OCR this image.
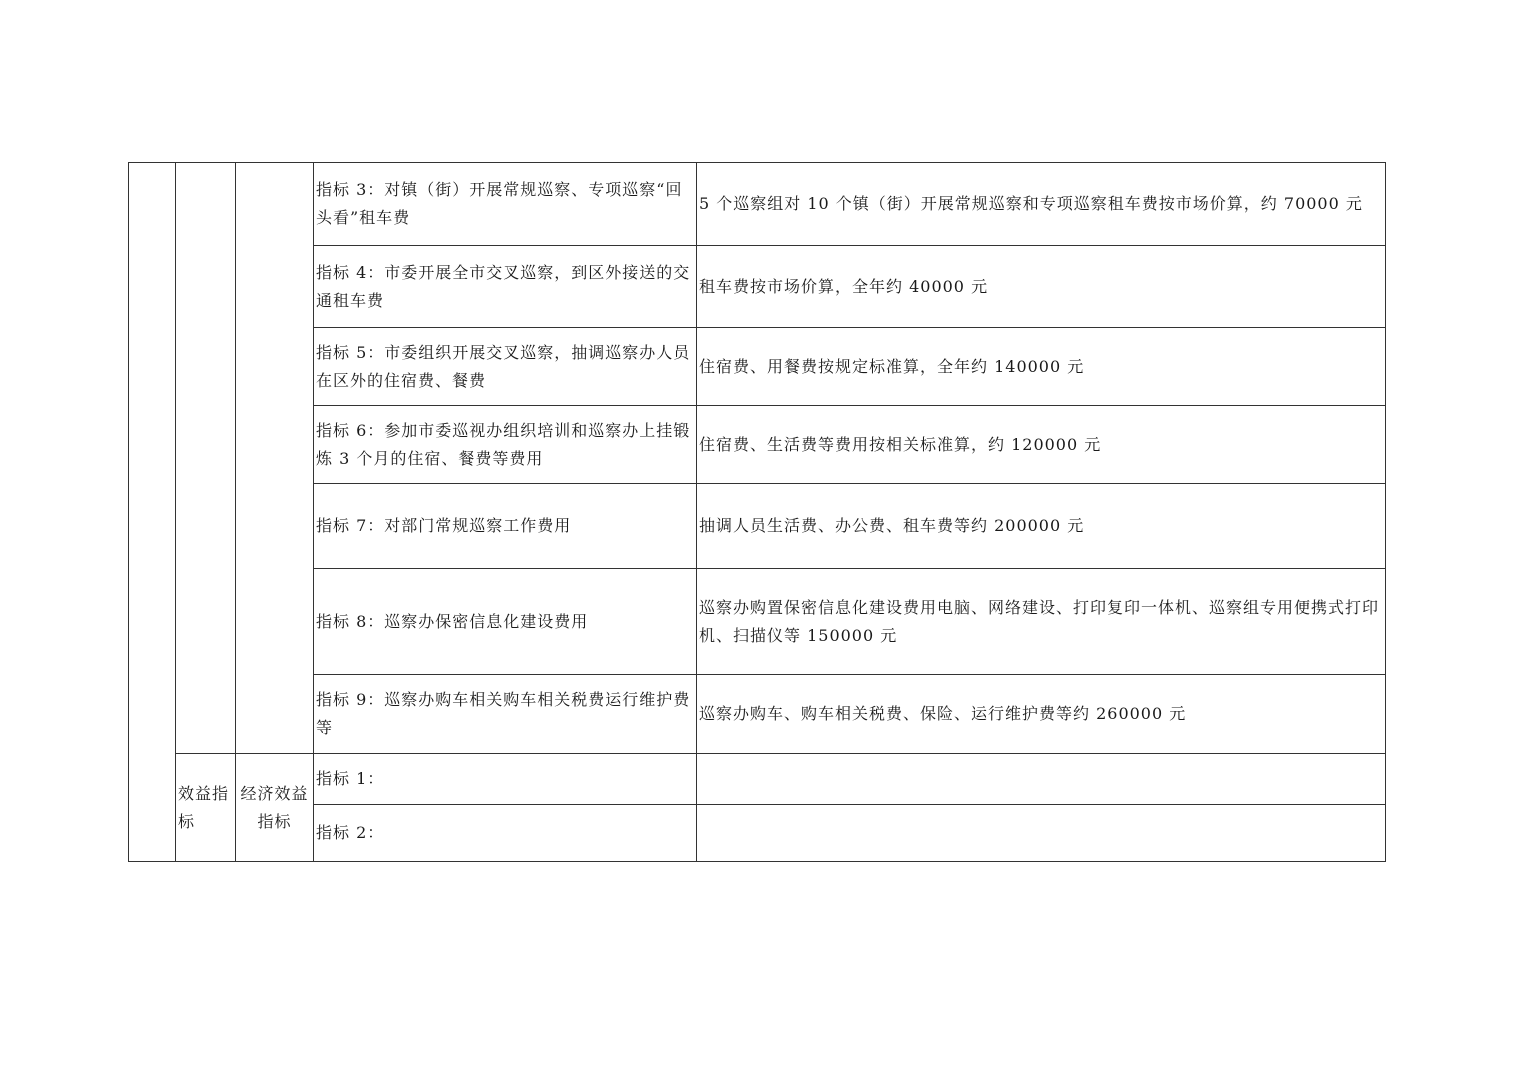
			指标 3：对镇（街）开展常规巡察、专项巡察“回头看”租车费	5 个巡察组对 10 个镇（街）开展常规巡察和专项巡察租车费按市场价算，约 70000 元
			指标 4：市委开展全市交叉巡察，到区外接送的交通租车费	租车费按市场价算，全年约 40000 元
			指标 5：市委组织开展交叉巡察，抽调巡察办人员在区外的住宿费、餐费	住宿费、用餐费按规定标准算，全年约 140000 元
			指标 6：参加市委巡视办组织培训和巡察办上挂锻炼 3 个月的住宿、餐费等费用	住宿费、生活费等费用按相关标准算，约 120000 元
			指标 7：对部门常规巡察工作费用	抽调人员生活费、办公费、租车费等约 200000 元
			指标 8：巡察办保密信息化建设费用	巡察办购置保密信息化建设费用电脑、网络建设、打印复印一体机、巡察组专用便携式打印机、扫描仪等 150000 元
			指标 9：巡察办购车相关购车相关税费运行维护费等	巡察办购车、购车相关税费、保险、运行维护费等约 260000 元
	效益指标	经济效益指标	指标 1：	
			指标 2：	
